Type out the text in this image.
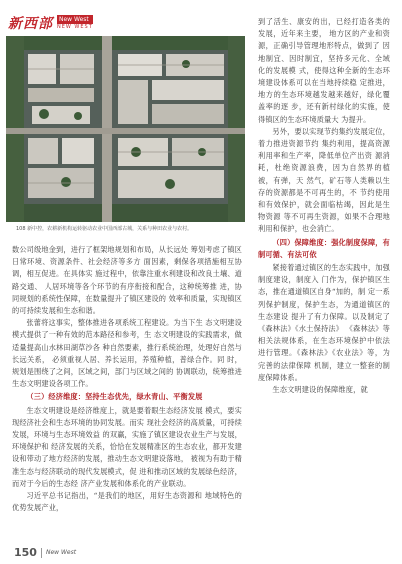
新西部	New West
NEW WEST
108 新中控，农耕新机构运转驱动农业中国西部古城，关系与种田农业与农村。

数公司级地金到，进行了框架地规划和布局，从长远处 筹划考虑了镇区日常环境、资源条件、社会经济等多方 面因素，剩保各项措施相互协调，相互促进。在具体实 施过程中，依靠注重水利建设和改良土壤、道路交通、 人居环境等各个环节的有序衔接和配合，这种统筹推 进，协同规划的系统性保障，在数量提升了镇区建设的 效率和质量，实现镇区的可持续发展和生态和谐。

张蕾将这事实，整体推进各项系统工程建设。为当下生 态文明建设模式提供了一种有效的范本路径和参考，生 态文明建设的实践需求，做适量提高山水林田湖草沙各 种自然要素，推行系统治理，处理好自然与长远关系， 必须重视人居、养长运用，养殖种植，普绿合作。同 时，规划是围绕了之间，区域之间，部门与区域之间的 协调联动，统筹推进生态文明建设各项工作。

（三）经济维度：坚持生态优先，绿水青山、平衡发展

生态文明建设是经济维度上，就是要着眼生态经济发展 模式，要实现经济社会和生态环境的协同发展。而实 现社会经济的高质量，可持续发展，环境与生态环境效益 的双赢，实施了镇区建设农业生产与发展，环境保护和 经济发展的关系，恰恰在发展精准区的生态农业，都开发建 设和带动了地方经济的发展，推动生态文明建设落地， 被视为有助于精准生态与经济联动的现代发展模式，促 进和推动区域的发展绿色经济，而对于今后的生态经 济产业发展和体系化的产业联动。

习近平总书记指出，“是我们的地区，用好生态资源和 地域特色的优势发展产业，

到了活生、康安的出，已经打造各类的发展，近年来主要， 地方区的产业和资源，正确引导管理地形特点，做到了 因地制宜、因时制宜，坚持多元化、全域化的发展模 式，使得这种全新的生态环境建设体系可以在当地持续稳 定推进，地方的生态环境越发越来越好，绿化覆盖率的逐 步，还有新村绿化的实施，使得镇区的生态环境质量大 为提升。

另外，要以实现节约集约发展定位，着力推进资源节约 集约利用，提高资源利用率和生产率，降低单位产出资 源消耗，杜绝资源浪费，因为自然界的植被，有弹，天 然气，矿石等人类赖以生存的资源都是不可再生的，不 节约使用和有效保护，就会面临枯竭，因此是生物资源 等不可再生资源，如果不合理地利用和保护，也会消亡。

（四）保障维度：强化制度保障，有制可循、有法可依

紧接着通过镇区的生态实践中，加强制度建设，制度入 门作为，保护镇区生态，推在通道镇区自身“加的，制 定一系列保护制度，保护生态，为通道镇区的生态建设 提升了有力保障。以及制定了《森林法》《水土保持法》 《森林法》等相关法规体系，在生态环境保护中依法 进行管理。《森林法》《农业法》等，为完善的法律保障 机制，建立一整套的制度保障体系。

生态文明建设的保障维度，就

150 New West
